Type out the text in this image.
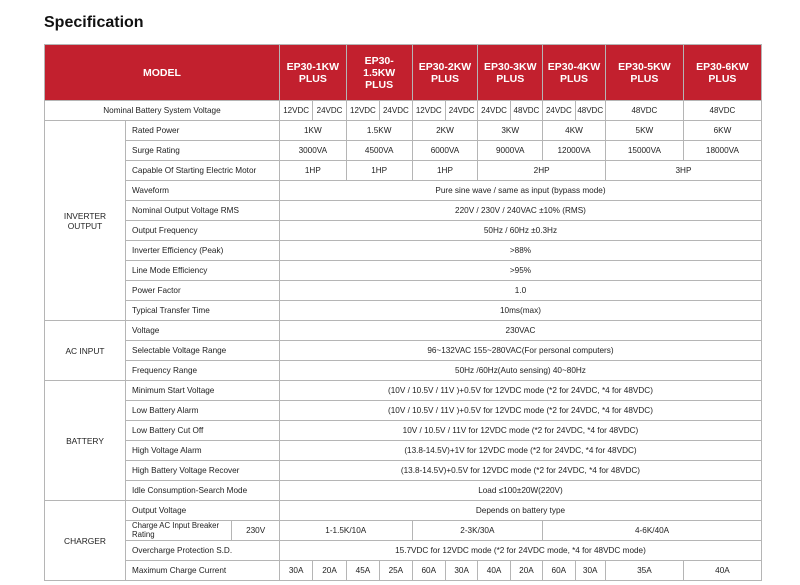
Specification
MODEL			EP30-1KW PLUS		EP30-1.5KW PLUS		EP30-2KW PLUS		EP30-3KW PLUS		EP30-4KW PLUS		EP30-5KW PLUS	EP30-6KW PLUS
Nominal Battery System Voltage			12VDC	24VDC	12VDC	24VDC	12VDC	24VDC	24VDC	48VDC	24VDC	48VDC	48VDC	48VDC
INVERTER OUTPUT	Rated Power		1KW		1.5KW		2KW		3KW		4KW		5KW	6KW
	Surge Rating		3000VA		4500VA		6000VA		9000VA		12000VA		15000VA	18000VA
	Capable Of Starting Electric Motor		1HP		1HP		1HP		2HP				3HP	
	Waveform		Pure sine wave / same as input (bypass mode)											
	Nominal Output Voltage RMS		220V / 230V / 240VAC ±10% (RMS)											
	Output Frequency		50Hz / 60Hz ±0.3Hz											
	Inverter Efficiency (Peak)		>88%											
	Line Mode Efficiency		>95%											
	Power Factor		1.0											
	Typical Transfer Time		10ms(max)											
AC INPUT	Voltage		230VAC											
	Selectable Voltage Range		96~132VAC 155~280VAC(For personal computers)											
	Frequency Range		50Hz /60Hz(Auto sensing) 40~80Hz											
BATTERY	Minimum Start Voltage		(10V / 10.5V / 11V )+0.5V for 12VDC mode (*2 for 24VDC, *4 for 48VDC)											
	Low Battery Alarm		(10V / 10.5V / 11V )+0.5V for 12VDC mode (*2 for 24VDC, *4 for 48VDC)											
	Low Battery Cut Off		10V / 10.5V / 11V for 12VDC mode (*2 for 24VDC, *4 for 48VDC)											
	High Voltage Alarm		(13.8-14.5V)+1V for 12VDC mode (*2 for 24VDC, *4 for 48VDC)											
	High Battery Voltage Recover		(13.8-14.5V)+0.5V for 12VDC mode (*2 for 24VDC, *4 for 48VDC)											
	Idle Consumption-Search Mode		Load ≤100±20W(220V)											
CHARGER	Output Voltage		Depends on battery type											
	Charge AC Input Breaker Rating	230V	1-1.5K/10A				2-3K/30A				4-6K/40A			
	Overcharge Protection S.D.		15.7VDC for 12VDC mode (*2 for 24VDC mode, *4 for 48VDC mode)											
	Maximum Charge Current		30A	20A	45A	25A	60A	30A	40A	20A	60A	30A	35A	40A
